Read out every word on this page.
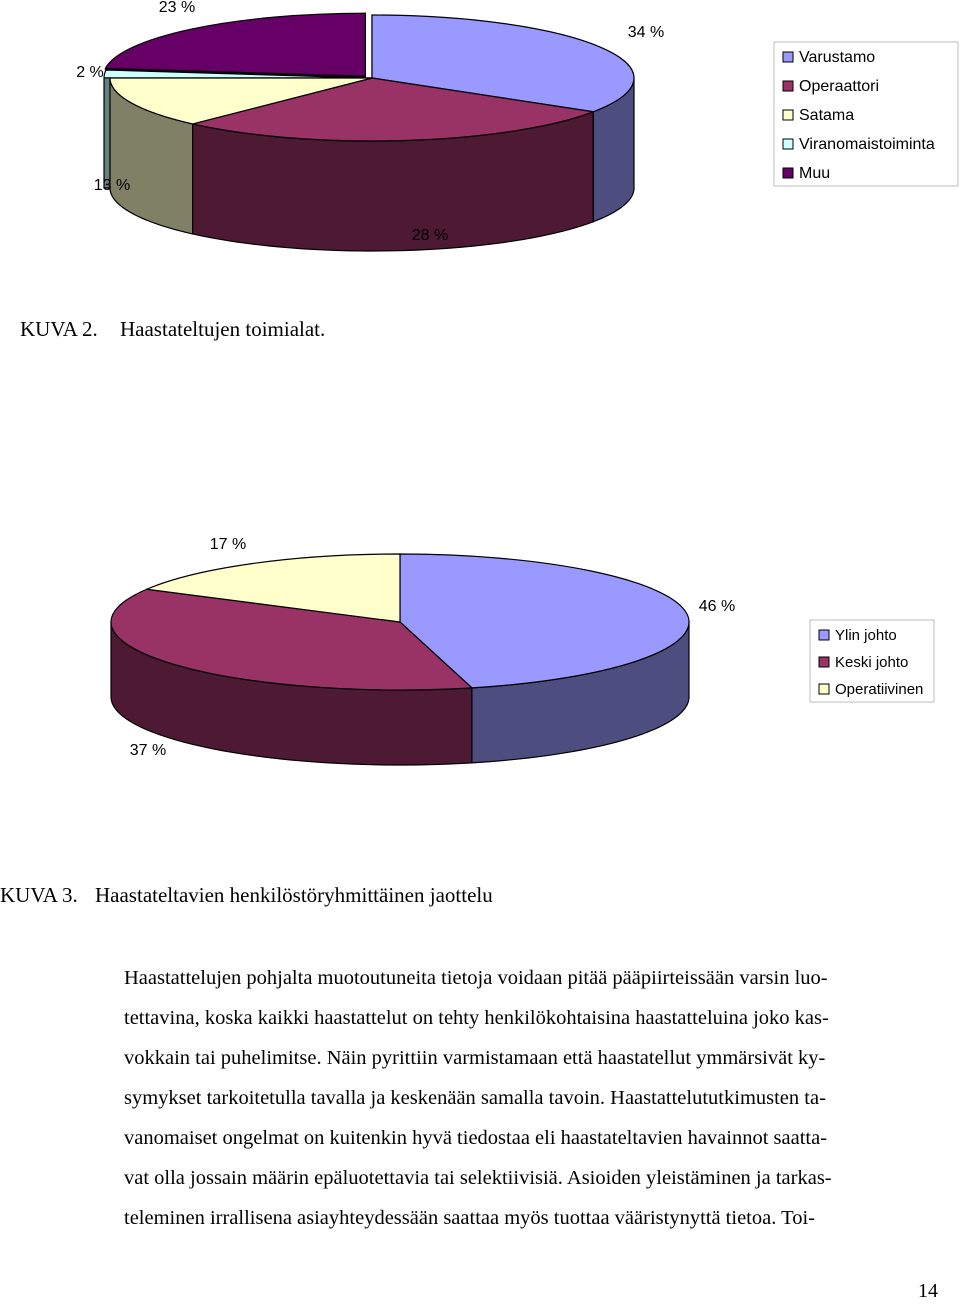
34 %
28 %
13 %
2 %
23 %
Varustamo
Operaattori
Satama
Viranomaistoiminta
Muu

KUVA 2. Haastateltujen toimialat.

46 %
37 %
17 %
Ylin johto
Keski johto
Operatiivinen

KUVA 3. Haastateltavien henkilöstöryhmittäinen jaottelu

Haastattelujen pohjalta muotoutuneita tietoja voidaan pitää pääpiirteissään varsin luo-
tettavina, koska kaikki haastattelut on tehty henkilökohtaisina haastatteluina joko kas-
vokkain tai puhelimitse. Näin pyrittiin varmistamaan että haastatellut ymmärsivät ky-
symykset tarkoitetulla tavalla ja keskenään samalla tavoin. Haastattelututkimusten ta-
vanomaiset ongelmat on kuitenkin hyvä tiedostaa eli haastateltavien havainnot saatta-
vat olla jossain määrin epäluotettavia tai selektiivisiä. Asioiden yleistäminen ja tarkas-
teleminen irrallisena asiayhteydessään saattaa myös tuottaa vääristynyttä tietoa. Toi-

14
